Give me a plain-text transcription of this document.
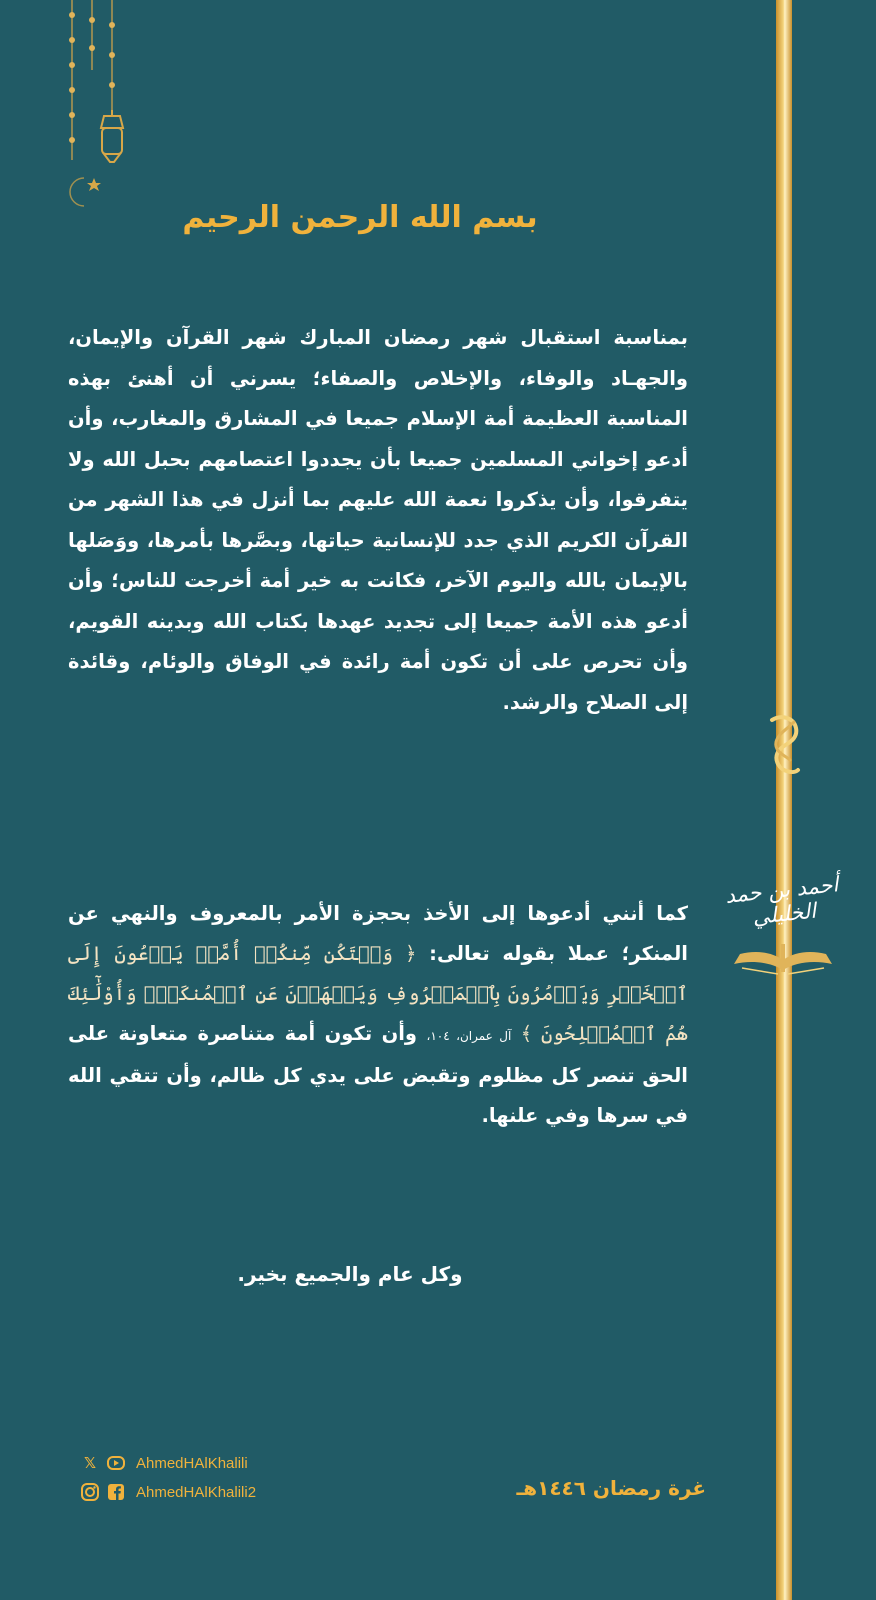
بسم الله الرحمن الرحيم
بمناسبة استقبال شهر رمضان المبارك شهر القرآن والإيمان، والجهـاد والوفاء، والإخلاص والصفاء؛ يسرني أن أهنئ بهذه المناسبة العظيمة أمة الإسلام جميعا في المشارق والمغارب، وأن أدعو إخواني المسلمين جميعا بأن يجددوا اعتصامهم بحبل الله ولا يتفرقوا، وأن يذكروا نعمة الله عليهم بما أنزل في هذا الشهر من القرآن الكريم الذي جدد للإنسانية حياتها، وبصَّرها بأمرها، ووَصَلها بالإيمان بالله واليوم الآخر، فكانت به خير أمة أخرجت للناس؛ وأن أدعو هذه الأمة جميعا إلى تجديد عهدها بكتاب الله وبدينه القويم، وأن تحرص على أن تكون أمة رائدة في الوفاق والوئام، وقائدة إلى الصلاح والرشد.
كما أنني أدعوها إلى الأخذ بحجزة الأمر بالمعروف والنهي عن المنكر؛ عملا بقوله تعالى: ﴿ وَلۡتَكُن مِّنكُمۡ أُمَّةٞ يَدۡعُونَ إِلَى ٱلۡخَيۡرِ وَيَأۡمُرُونَ بِٱلۡمَعۡرُوفِ وَيَنۡهَوۡنَ عَنِ ٱلۡمُنكَرِۚ وَأُوْلَٰٓئِكَ هُمُ ٱلۡمُفۡلِحُونَ ﴾ آل عمران، ١٠٤، وأن تكون أمة متناصرة متعاونة على الحق تنصر كل مظلوم وتقبض على يدي كل ظالم، وأن تتقي الله في سرها وفي علنها.
وكل عام والجميع بخير.
أحمد بن حمد الخليلي
𝕏	AhmedHAlKhalili
AhmedHAlKhalili2	غرة رمضان ١٤٤٦هـ
